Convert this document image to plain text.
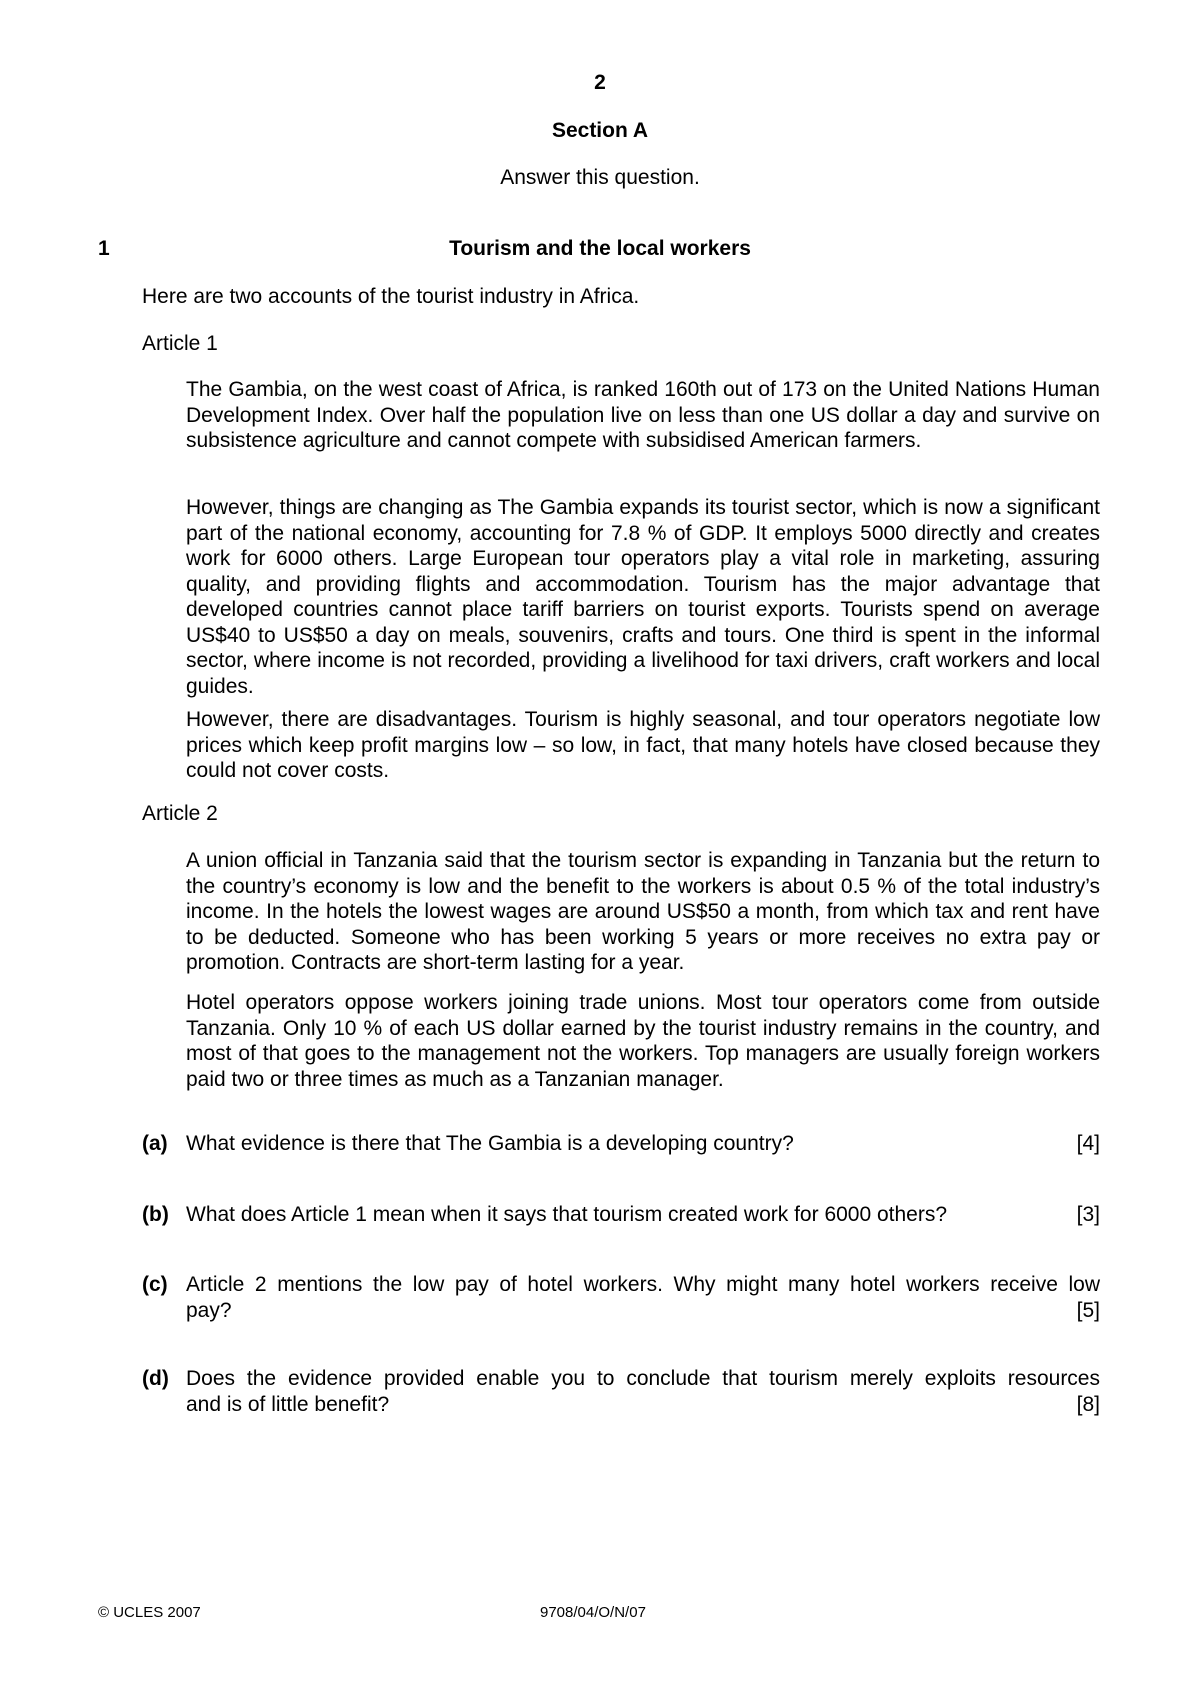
2
Section A
Answer this question.
1	Tourism and the local workers
Here are two accounts of the tourist industry in Africa.
Article 1
The Gambia, on the west coast of Africa, is ranked 160th out of 173 on the United Nations Human Development Index. Over half the population live on less than one US dollar a day and survive on subsistence agriculture and cannot compete with subsidised American farmers.
However, things are changing as The Gambia expands its tourist sector, which is now a significant part of the national economy, accounting for 7.8 % of GDP. It employs 5000 directly and creates work for 6000 others. Large European tour operators play a vital role in marketing, assuring quality, and providing flights and accommodation. Tourism has the major advantage that developed countries cannot place tariff barriers on tourist exports. Tourists spend on average US$40 to US$50 a day on meals, souvenirs, crafts and tours. One third is spent in the informal sector, where income is not recorded, providing a livelihood for taxi drivers, craft workers and local guides.
However, there are disadvantages. Tourism is highly seasonal, and tour operators negotiate low prices which keep profit margins low – so low, in fact, that many hotels have closed because they could not cover costs.
Article 2
A union official in Tanzania said that the tourism sector is expanding in Tanzania but the return to the country’s economy is low and the benefit to the workers is about 0.5 % of the total industry’s income. In the hotels the lowest wages are around US$50 a month, from which tax and rent have to be deducted. Someone who has been working 5 years or more receives no extra pay or promotion. Contracts are short-term lasting for a year.
Hotel operators oppose workers joining trade unions. Most tour operators come from outside Tanzania. Only 10 % of each US dollar earned by the tourist industry remains in the country, and most of that goes to the management not the workers. Top managers are usually foreign workers paid two or three times as much as a Tanzanian manager.
(a) What evidence is there that The Gambia is a developing country?	[4]
(b) What does Article 1 mean when it says that tourism created work for 6000 others?	[3]
(c) Article 2 mentions the low pay of hotel workers. Why might many hotel workers receive low
pay?	[5]
(d) Does the evidence provided enable you to conclude that tourism merely exploits resources
and is of little benefit?	[8]
© UCLES 2007	9708/04/O/N/07
